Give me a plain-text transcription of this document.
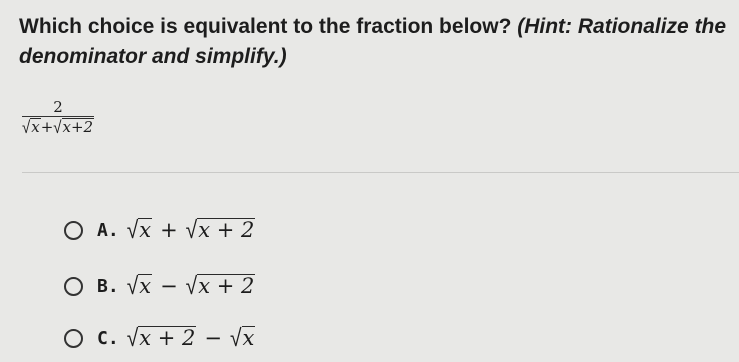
Which choice is equivalent to the fraction below? (Hint: Rationalize the denominator and simplify.)
2
√x+√x+2
A. √x + √x + 2
B. √x − √x + 2
C. √x + 2 − √x
